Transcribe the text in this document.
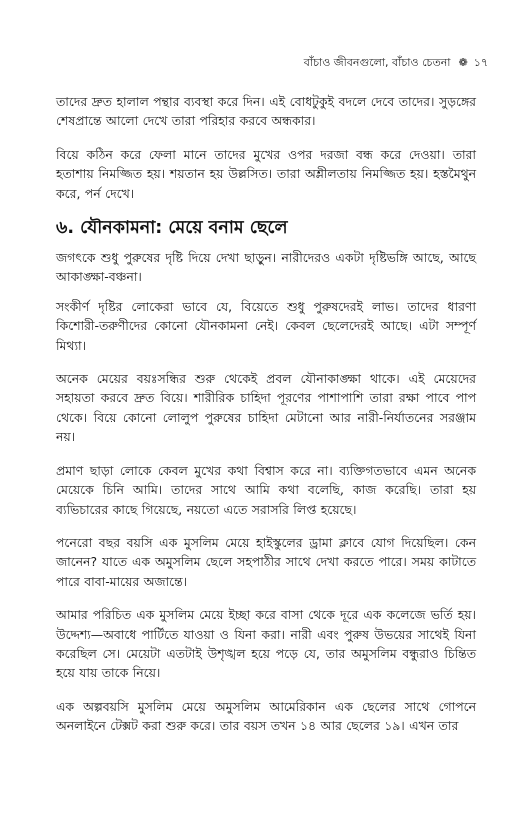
বাঁচাও জীবনগুলো, বাঁচাও চেতনা ❁ ১৭

তাদের দ্রুত হালাল পন্থার ব্যবস্থা করে দিন। এই বোধটুকুই বদলে দেবে তাদের। সুড়ঙ্গের শেষপ্রান্তে আলো দেখে তারা পরিহার করবে অন্ধকার।

বিয়ে কঠিন করে ফেলা মানে তাদের মুখের ওপর দরজা বন্ধ করে দেওয়া। তারা হতাশায় নিমজ্জিত হয়। শয়তান হয় উল্লসিত। তারা অশ্লীলতায় নিমজ্জিত হয়। হস্তমৈথুন করে, পর্ন দেখে।

৬. যৌনকামনা: মেয়ে বনাম ছেলে

জগৎকে শুধু পুরুষের দৃষ্টি দিয়ে দেখা ছাড়ুন। নারীদেরও একটা দৃষ্টিভঙ্গি আছে, আছে আকাঙ্ক্ষা-বঞ্চনা।

সংকীর্ণ দৃষ্টির লোকেরা ভাবে যে, বিয়েতে শুধু পুরুষদেরই লাভ। তাদের ধারণা কিশোরী-তরুণীদের কোনো যৌনকামনা নেই। কেবল ছেলেদেরই আছে। এটা সম্পূর্ণ মিথ্যা।

অনেক মেয়ের বয়ঃসন্ধির শুরু থেকেই প্রবল যৌনাকাঙ্ক্ষা থাকে। এই মেয়েদের সহায়তা করবে দ্রুত বিয়ে। শারীরিক চাহিদা পূরণের পাশাপাশি তারা রক্ষা পাবে পাপ থেকে। বিয়ে কোনো লোলুপ পুরুষের চাহিদা মেটানো আর নারী-নির্যাতনের সরঞ্জাম নয়।

প্রমাণ ছাড়া লোকে কেবল মুখের কথা বিশ্বাস করে না। ব্যক্তিগতভাবে এমন অনেক মেয়েকে চিনি আমি। তাদের সাথে আমি কথা বলেছি, কাজ করেছি। তারা হয় ব্যভিচারের কাছে গিয়েছে, নয়তো এতে সরাসরি লিপ্ত হয়েছে।

পনেরো বছর বয়সি এক মুসলিম মেয়ে হাইস্কুলের ড্রামা ক্লাবে যোগ দিয়েছিল। কেন জানেন? যাতে এক অমুসলিম ছেলে সহপাঠীর সাথে দেখা করতে পারে। সময় কাটাতে পারে বাবা-মায়ের অজান্তে।

আমার পরিচিত এক মুসলিম মেয়ে ইচ্ছা করে বাসা থেকে দূরে এক কলেজে ভর্তি হয়। উদ্দেশ্য—অবাধে পার্টিতে যাওয়া ও যিনা করা। নারী এবং পুরুষ উভয়ের সাথেই যিনা করেছিল সে। মেয়েটা এতটাই উশৃঙ্খল হয়ে পড়ে যে, তার অমুসলিম বন্ধুরাও চিন্তিত হয়ে যায় তাকে নিয়ে।

এক অল্পবয়সি মুসলিম মেয়ে অমুসলিম আমেরিকান এক ছেলের সাথে গোপনে অনলাইনে টেক্সট করা শুরু করে। তার বয়স তখন ১৪ আর ছেলের ১৯। এখন তার
